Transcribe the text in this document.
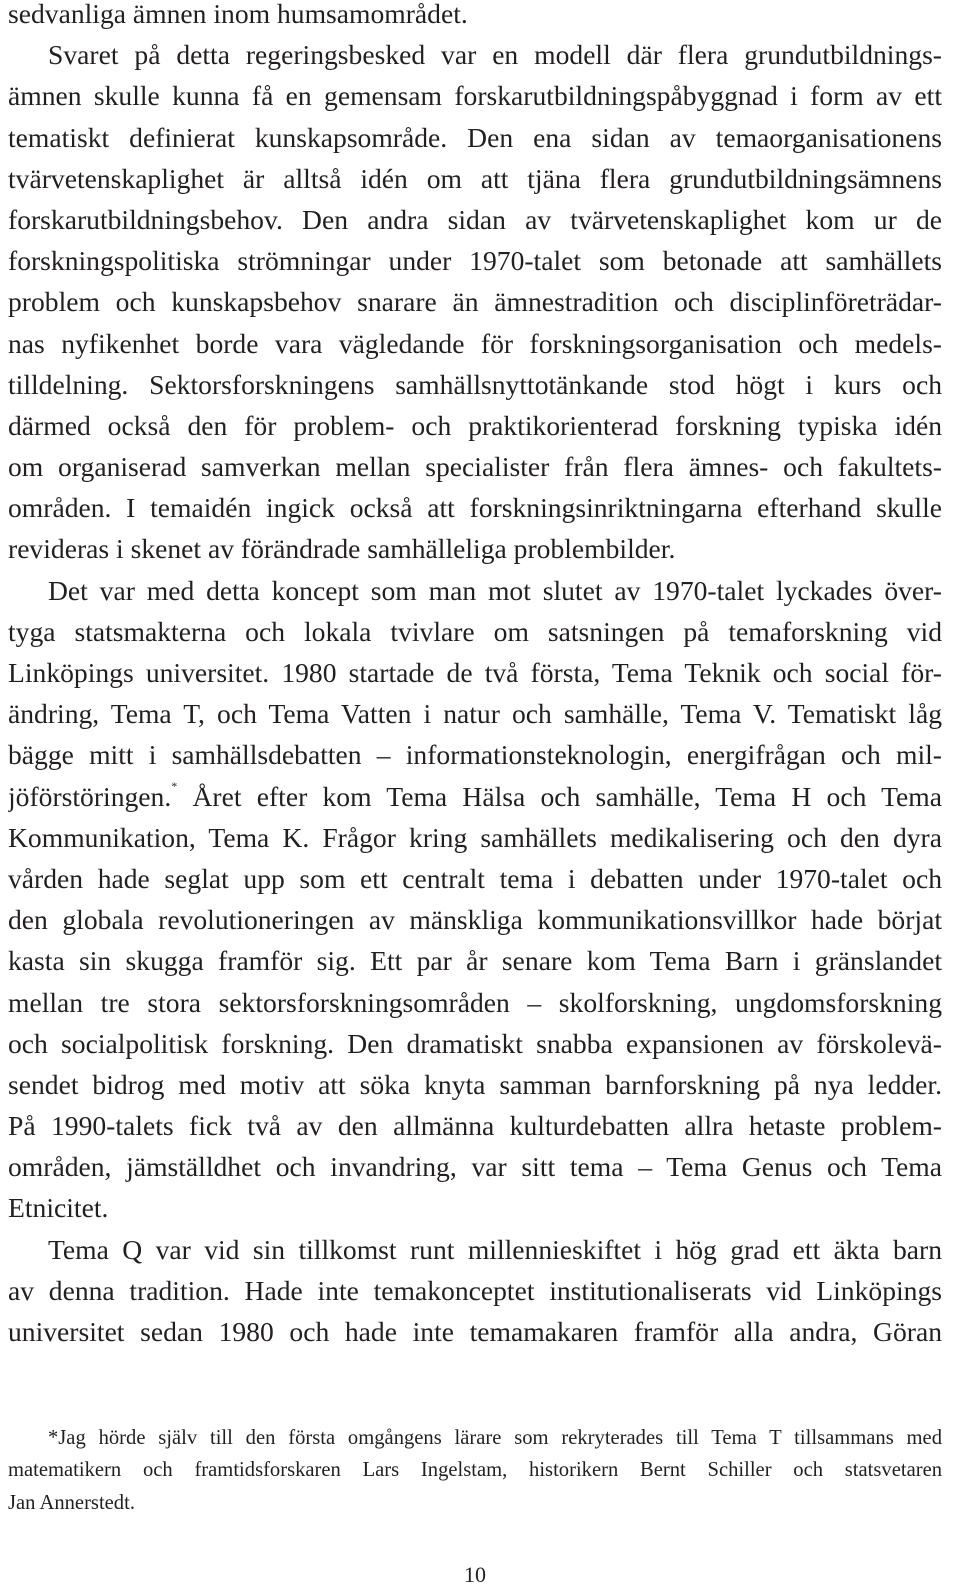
sedvanliga ämnen inom humsamområdet.
Svaret på detta regeringsbesked var en modell där flera grundutbildnings-
ämnen skulle kunna få en gemensam forskarutbildningspåbyggnad i form av ett
tematiskt definierat kunskapsområde. Den ena sidan av temaorganisationens
tvärvetenskaplighet är alltså idén om att tjäna flera grundutbildningsämnens
forskarutbildningsbehov. Den andra sidan av tvärvetenskaplighet kom ur de
forskningspolitiska strömningar under 1970-talet som betonade att samhällets
problem och kunskapsbehov snarare än ämnestradition och disciplinföreträdar-
nas nyfikenhet borde vara vägledande för forskningsorganisation och medels-
tilldelning. Sektorsforskningens samhällsnyttotänkande stod högt i kurs och
därmed också den för problem- och praktikorienterad forskning typiska idén
om organiserad samverkan mellan specialister från flera ämnes- och fakultets-
områden. I temaidén ingick också att forskningsinriktningarna efterhand skulle
revideras i skenet av förändrade samhälleliga problembilder.
Det var med detta koncept som man mot slutet av 1970-talet lyckades över-
tyga statsmakterna och lokala tvivlare om satsningen på temaforskning vid
Linköpings universitet. 1980 startade de två första, Tema Teknik och social för-
ändring, Tema T, och Tema Vatten i natur och samhälle, Tema V. Tematiskt låg
bägge mitt i samhällsdebatten – informationsteknologin, energifrågan och mil-
jöförstöringen.* Året efter kom Tema Hälsa och samhälle, Tema H och Tema
Kommunikation, Tema K. Frågor kring samhällets medikalisering och den dyra
vården hade seglat upp som ett centralt tema i debatten under 1970-talet och
den globala revolutioneringen av mänskliga kommunikationsvillkor hade börjat
kasta sin skugga framför sig. Ett par år senare kom Tema Barn i gränslandet
mellan tre stora sektorsforskningsområden – skolforskning, ungdomsforskning
och socialpolitisk forskning. Den dramatiskt snabba expansionen av förskolevä-
sendet bidrog med motiv att söka knyta samman barnforskning på nya ledder.
På 1990-talets fick två av den allmänna kulturdebatten allra hetaste problem-
områden, jämställdhet och invandring, var sitt tema – Tema Genus och Tema
Etnicitet.
Tema Q var vid sin tillkomst runt millennieskiftet i hög grad ett äkta barn
av denna tradition. Hade inte temakonceptet institutionaliserats vid Linköpings
universitet sedan 1980 och hade inte temamakaren framför alla andra, Göran
*Jag hörde själv till den första omgångens lärare som rekryterades till Tema T tillsammans med
matematikern och framtidsforskaren Lars Ingelstam, historikern Bernt Schiller och statsvetaren
Jan Annerstedt.
10
